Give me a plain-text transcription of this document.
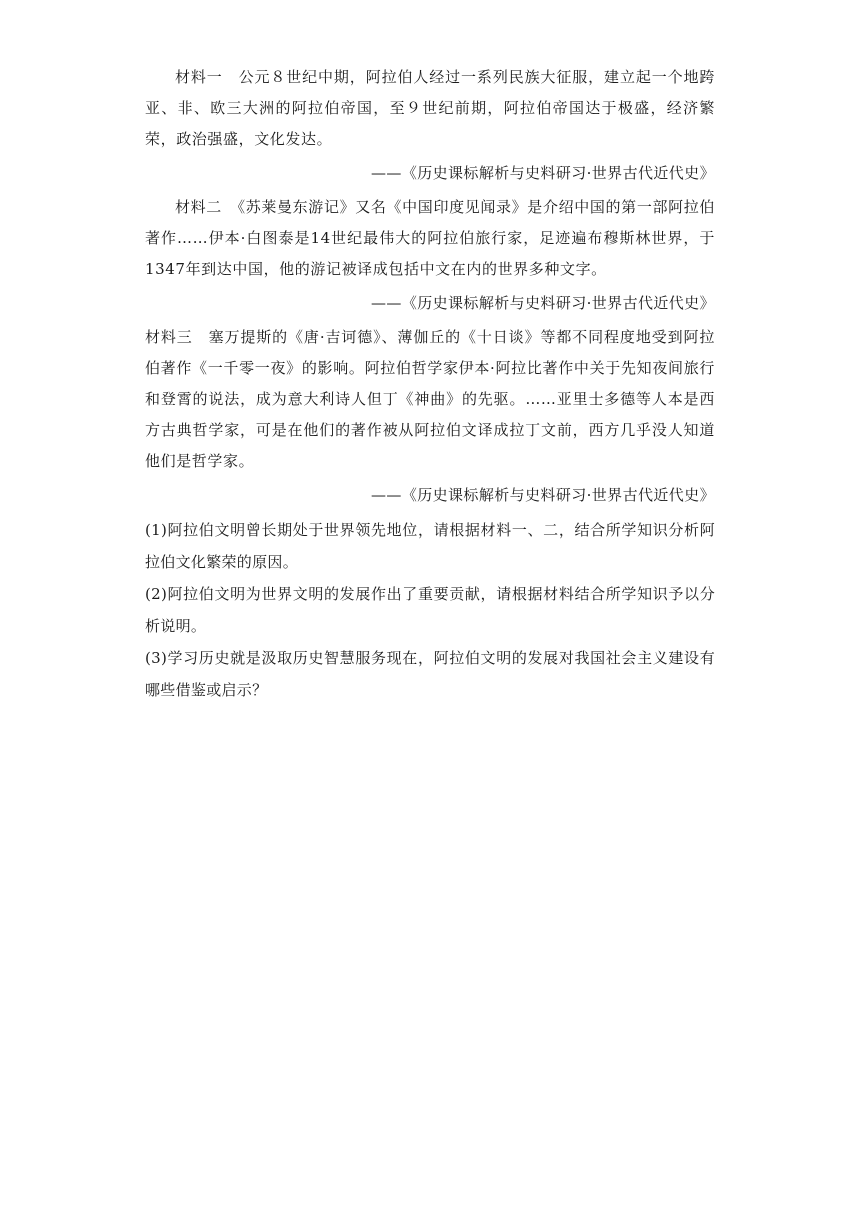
材料一　公元８世纪中期，阿拉伯人经过一系列民族大征服，建立起一个地跨亚、非、欧三大洲的阿拉伯帝国，至９世纪前期，阿拉伯帝国达于极盛，经济繁荣，政治强盛，文化发达。

——《历史课标解析与史料研习·世界古代近代史》

材料二　《苏莱曼东游记》又名《中国印度见闻录》是介绍中国的第一部阿拉伯著作……伊本·白图泰是14世纪最伟大的阿拉伯旅行家，足迹遍布穆斯林世界，于1347年到达中国，他的游记被译成包括中文在内的世界多种文字。

——《历史课标解析与史料研习·世界古代近代史》

材料三　塞万提斯的《唐·吉诃德》、薄伽丘的《十日谈》等都不同程度地受到阿拉伯著作《一千零一夜》的影响。阿拉伯哲学家伊本·阿拉比著作中关于先知夜间旅行和登霄的说法，成为意大利诗人但丁《神曲》的先驱。……亚里士多德等人本是西方古典哲学家，可是在他们的著作被从阿拉伯文译成拉丁文前，西方几乎没人知道他们是哲学家。

——《历史课标解析与史料研习·世界古代近代史》

(1)阿拉伯文明曾长期处于世界领先地位，请根据材料一、二，结合所学知识分析阿拉伯文化繁荣的原因。

(2)阿拉伯文明为世界文明的发展作出了重要贡献，请根据材料结合所学知识予以分析说明。

(3)学习历史就是汲取历史智慧服务现在，阿拉伯文明的发展对我国社会主义建设有哪些借鉴或启示？
